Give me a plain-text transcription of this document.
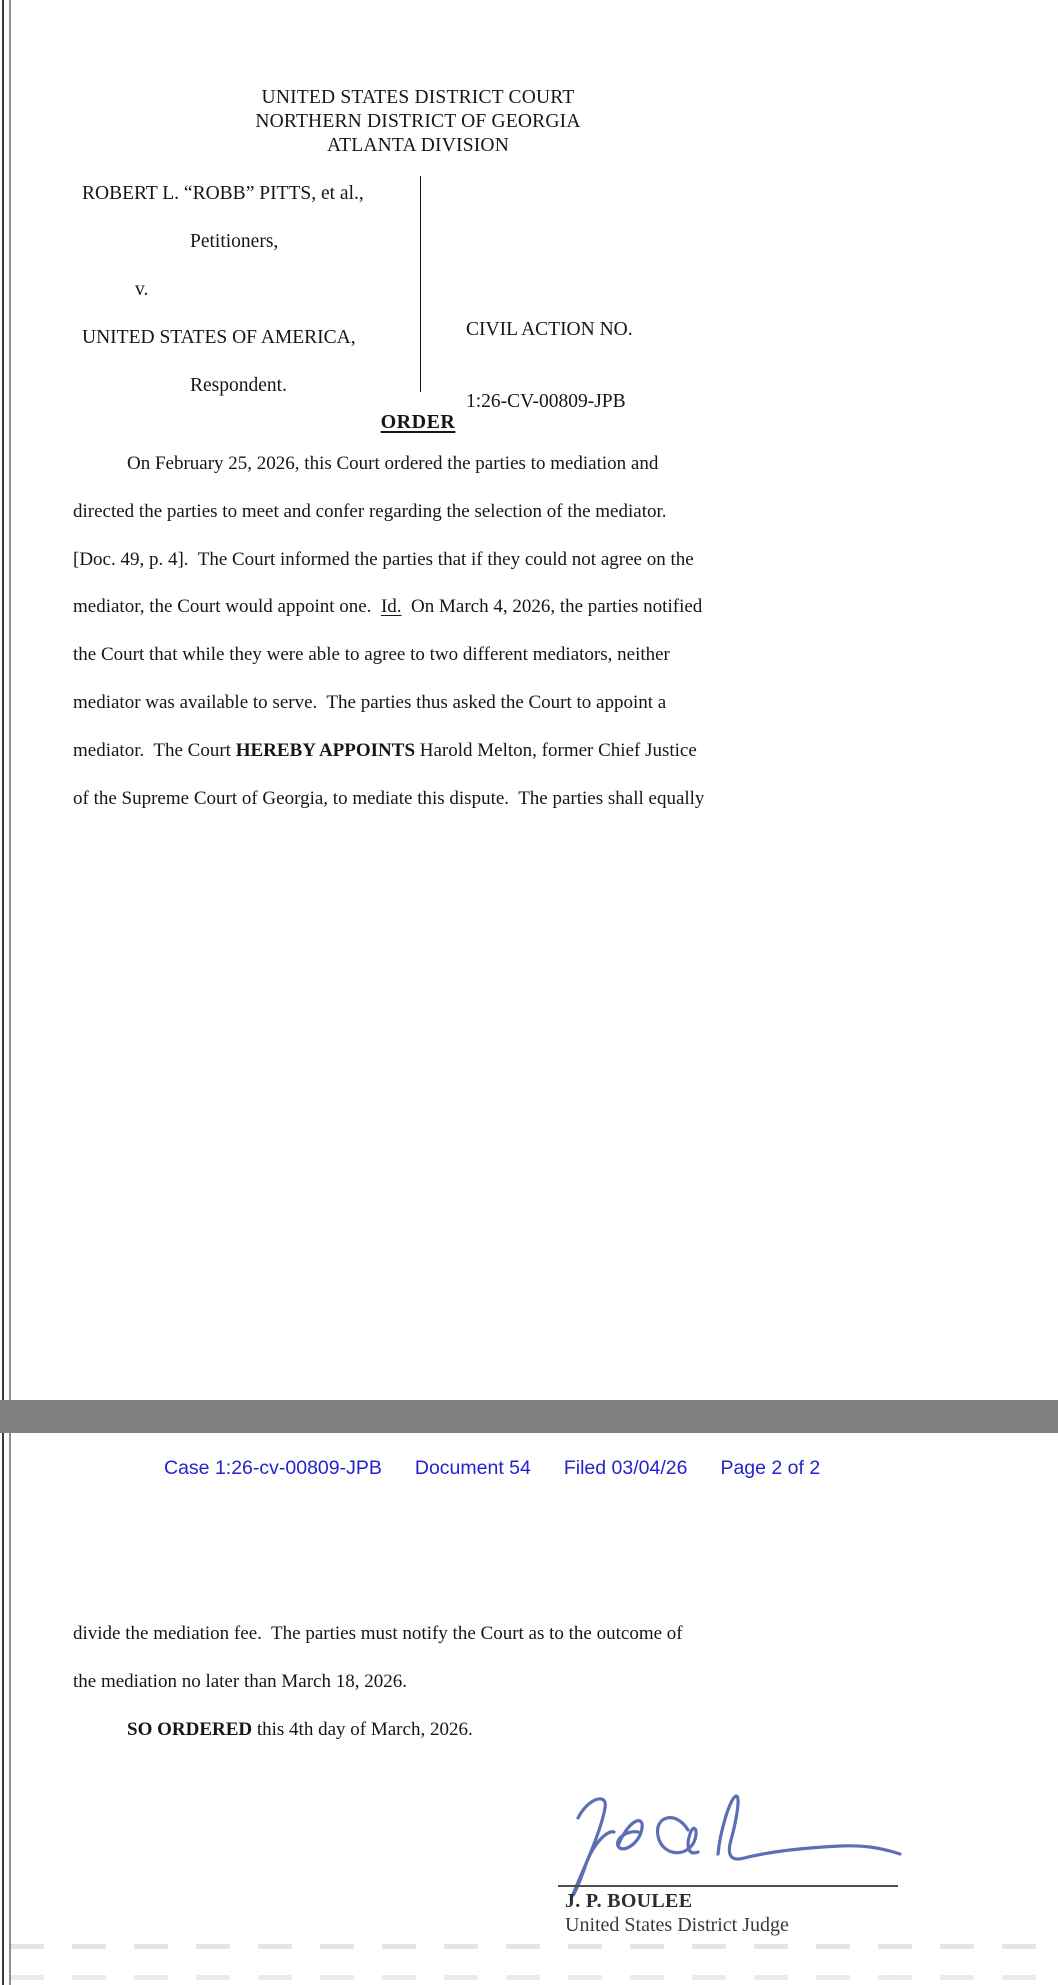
UNITED STATES DISTRICT COURT
NORTHERN DISTRICT OF GEORGIA
ATLANTA DIVISION
ROBERT L. “ROBB” PITTS, et al.,
Petitioners,
v.
UNITED STATES OF AMERICA,
Respondent.

CIVIL ACTION NO.

1:26-CV-00809-JPB

ORDER
On February 25, 2026, this Court ordered the parties to mediation and
directed the parties to meet and confer regarding the selection of the mediator.
[Doc. 49, p. 4].  The Court informed the parties that if they could not agree on the
mediator, the Court would appoint one.  Id.  On March 4, 2026, the parties notified
the Court that while they were able to agree to two different mediators, neither
mediator was available to serve.  The parties thus asked the Court to appoint a
mediator.  The Court HEREBY APPOINTS Harold Melton, former Chief Justice
of the Supreme Court of Georgia, to mediate this dispute.  The parties shall equally
Case 1:26-cv-00809-JPB Document 54 Filed 03/04/26 Page 2 of 2
divide the mediation fee.  The parties must notify the Court as to the outcome of
the mediation no later than March 18, 2026.
SO ORDERED this 4th day of March, 2026.
J. P. BOULEE
United States District Judge
